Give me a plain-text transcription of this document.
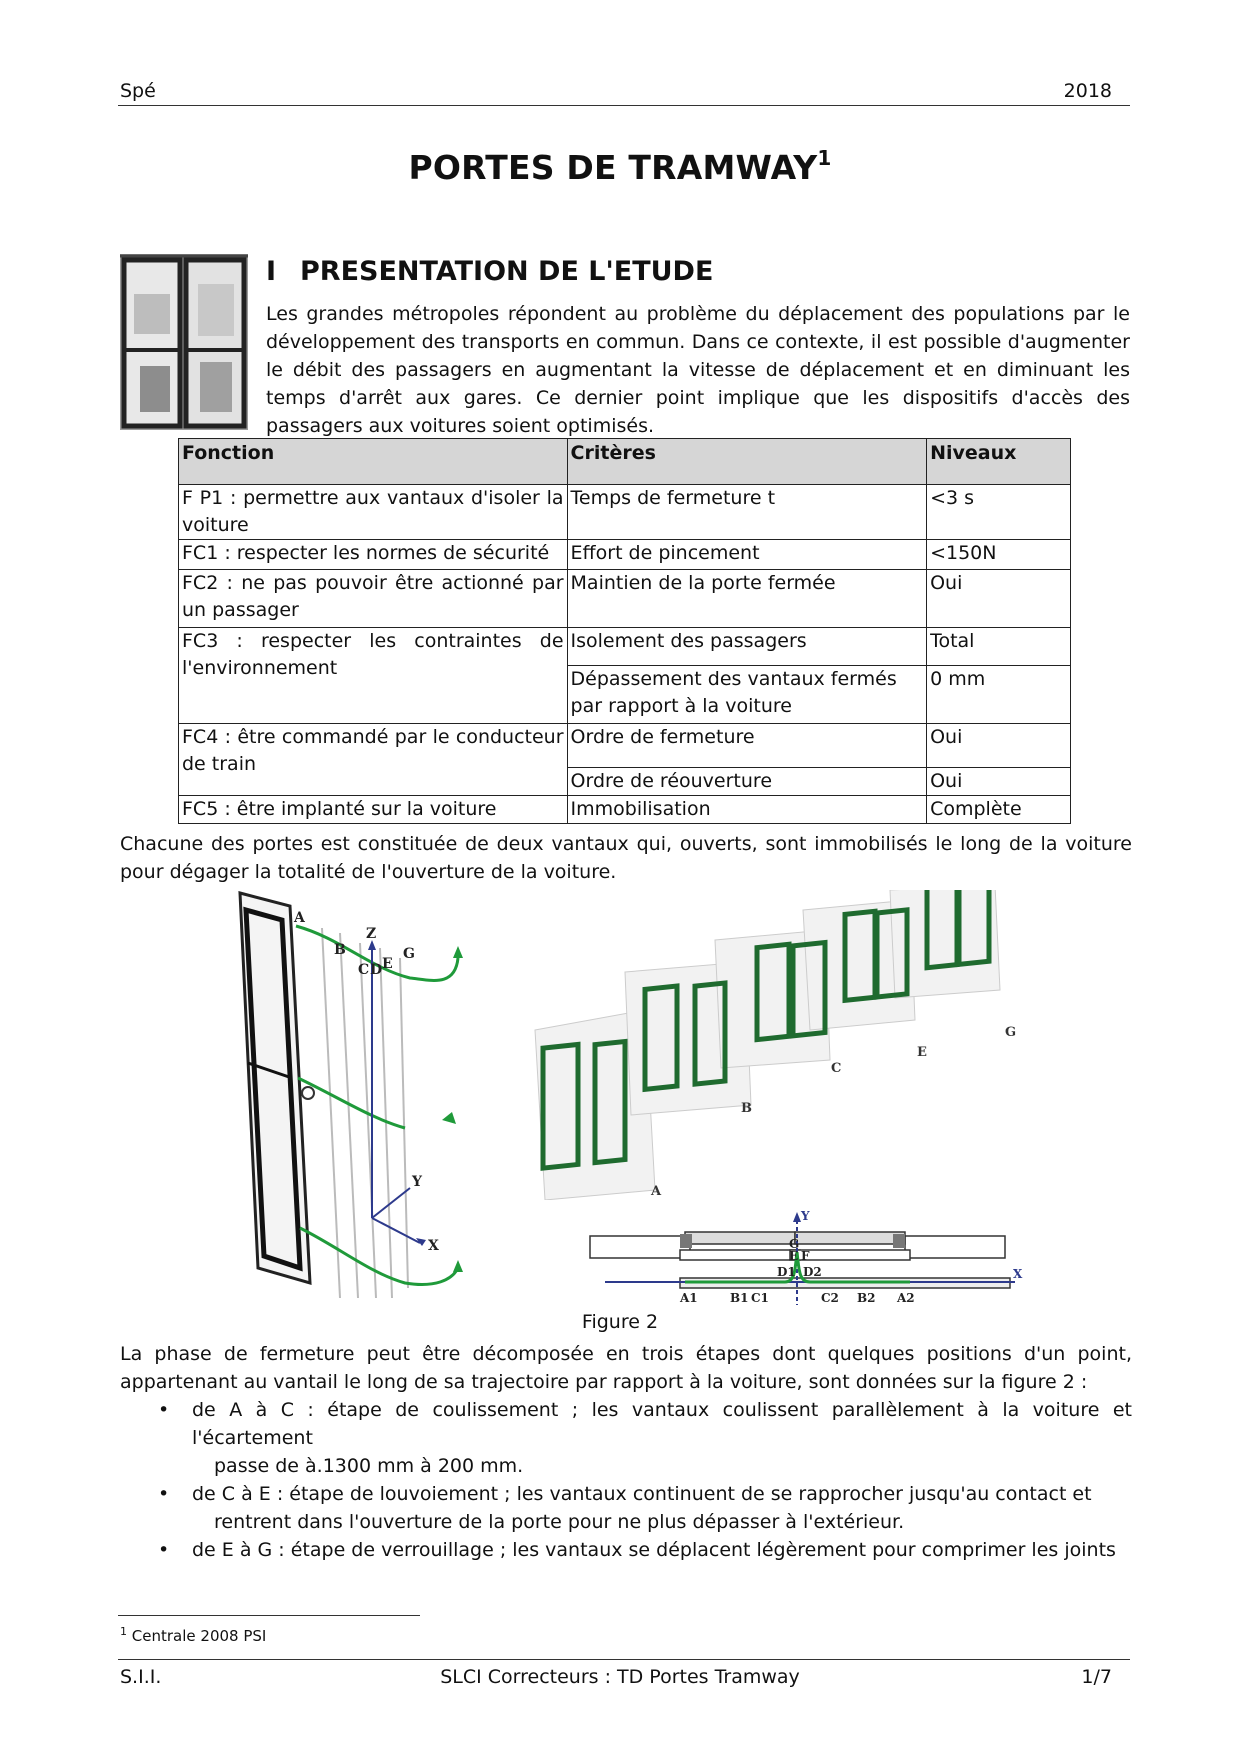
Spé	2018
PORTES DE TRAMWAY$^1$
I PRESENTATION DE L'ETUDE
Les grandes métropoles répondent au problème du déplacement des populations par le développement des transports en commun. Dans ce contexte, il est possible d'augmenter le débit des passagers en augmentant la vitesse de déplacement et en diminuant les temps d'arrêt aux gares. Ce dernier point implique que les dispositifs d'accès des passagers aux voitures soient optimisés.
Fonction	Critères	Niveaux
F P1 : permettre aux vantaux d'isoler la voiture	Temps de fermeture t	<3 s
FC1 : respecter les normes de sécurité	Effort de pincement	<150N
FC2 : ne pas pouvoir être actionné par un passager	Maintien de la porte fermée	Oui
FC3 : respecter les contraintes de l'environnement	Isolement des passagers	Total
	Dépassement des vantaux fermés par rapport à la voiture	0 mm
FC4 : être commandé par le conducteur de train	Ordre de fermeture	Oui
	Ordre de réouverture	Oui
FC5 : être implanté sur la voiture	Immobilisation	Complète
Chacune des portes est constituée de deux vantaux qui, ouverts, sont immobilisés le long de la voiture pour dégager la totalité de l'ouverture de la voiture.
A
B
C D E
G
Z
Y
X
A
B
C
E
G
Y
X
G
E F
A1	B1 C1
D1 D2
C2 B2 A2
Figure 2
La phase de fermeture peut être décomposée en trois étapes dont quelques positions d'un point, appartenant au vantail le long de sa trajectoire par rapport à la voiture, sont données sur la figure 2 :
• de A à C : étape de coulissement ; les vantaux coulissent parallèlement à la voiture et l'écartement
passe de à.1300 mm à 200 mm.
• de C à E : étape de louvoiement ; les vantaux continuent de se rapprocher jusqu'au contact et
rentrent dans l'ouverture de la porte pour ne plus dépasser à l'extérieur.
• de E à G : étape de verrouillage ; les vantaux se déplacent légèrement pour comprimer les joints
$^1$ Centrale 2008 PSI
S.I.I.	SLCI Correcteurs : TD Portes Tramway	1/7
